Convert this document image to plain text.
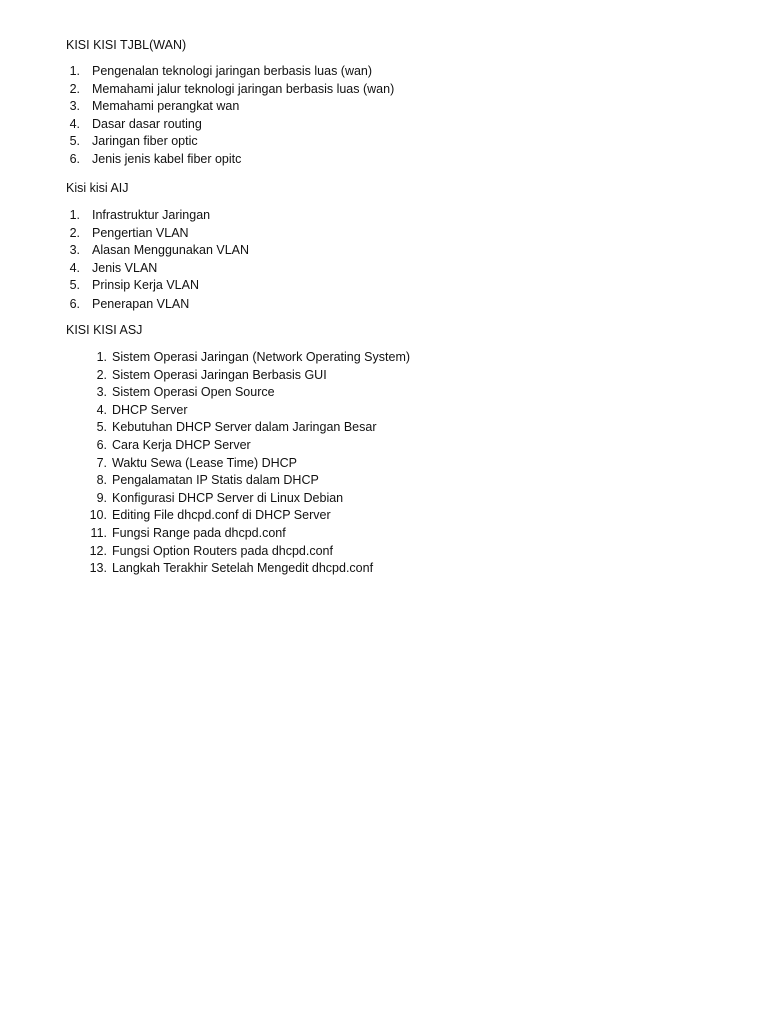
KISI KISI TJBL(WAN)
1. Pengenalan teknologi jaringan berbasis luas (wan)
2. Memahami jalur teknologi jaringan berbasis luas (wan)
3. Memahami perangkat wan
4. Dasar dasar routing
5. Jaringan fiber optic
6. Jenis jenis kabel fiber opitc
Kisi kisi AIJ
1. Infrastruktur Jaringan
2. Pengertian VLAN
3. Alasan Menggunakan VLAN
4. Jenis VLAN
5. Prinsip Kerja VLAN
6. Penerapan VLAN
KISI KISI ASJ
1. Sistem Operasi Jaringan (Network Operating System)
2. Sistem Operasi Jaringan Berbasis GUI
3. Sistem Operasi Open Source
4. DHCP Server
5. Kebutuhan DHCP Server dalam Jaringan Besar
6. Cara Kerja DHCP Server
7. Waktu Sewa (Lease Time) DHCP
8. Pengalamatan IP Statis dalam DHCP
9. Konfigurasi DHCP Server di Linux Debian
10. Editing File dhcpd.conf di DHCP Server
11. Fungsi Range pada dhcpd.conf
12. Fungsi Option Routers pada dhcpd.conf
13. Langkah Terakhir Setelah Mengedit dhcpd.conf
